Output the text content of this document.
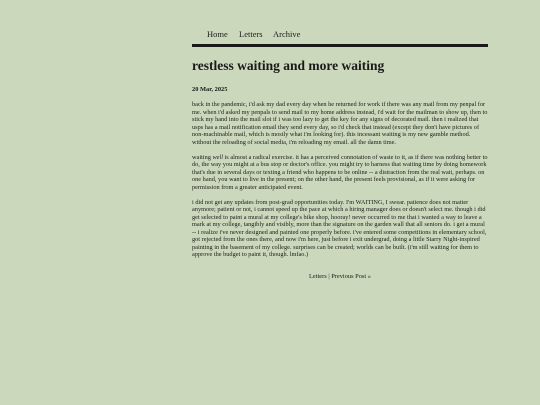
Home Letters Archive
restless waiting and more waiting
20 Mar, 2025

back in the pandemic, i'd ask my dad every day when he returned for work if there was any mail from my penpal for me. when i'd asked my penpals to send mail to my home address instead, i'd wait for the mailman to show up, then to stick my hand into the mail slot if i was too lazy to get the key for any signs of decorated mail. then i realized that usps has a mail notification email they send every day, so i'd check that instead (except they don't have pictures of non-machinable mail, which is mostly what i'm looking for). this incessant waiting is my new gamble method. without the reloading of social media, i'm reloading my email. all the damn time.

waiting well is almost a radical exercise. it has a perceived connotation of waste to it, as if there was nothing better to do, the way you might at a bus stop or doctor's office. you might try to harness that waiting time by doing homework that's due in several days or texting a friend who happens to be online -- a distraction from the real wait, perhaps. on one hand, you want to live in the present; on the other hand, the present feels provisional, as if it were asking for permission from a greater anticipated event.

i did not get any updates from post-grad opportunities today. I'm WAITING, I swear. patience does not matter anymore; patient or not, i cannot speed up the pace at which a hiring manager does or doesn't select me. though i did get selected to paint a mural at my college's bike shop, hooray! never occurred to me that i wanted a way to leave a mark at my college, tangibly and visibly, more than the signature on the garden wall that all seniors do. i get a mural -- i realize i've never designed and painted one properly before. i've entered some competitions in elementary school, got rejected from the ones there, and now i'm here, just before i exit undergrad, doing a little Starry Night-inspired painting in the basement of my college. surprises can be created; worlds can be built. (i'm still waiting for them to approve the budget to paint it, though. lmfao.)

Letters | Previous Post »
